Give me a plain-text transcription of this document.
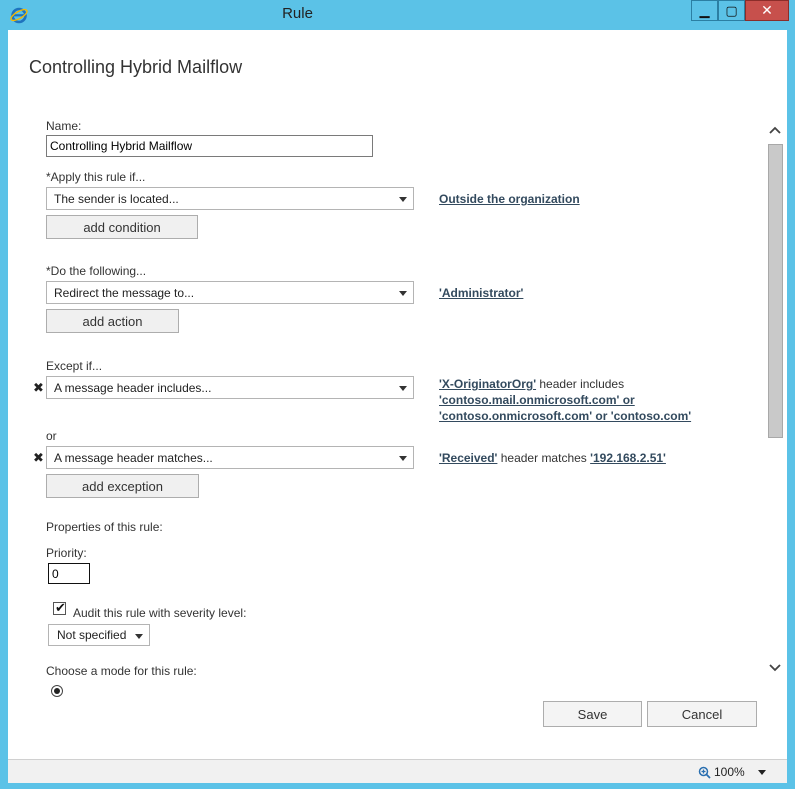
Rule	▁ ▢ ✕
Controlling Hybrid Mailflow
Name:
Controlling Hybrid Mailflow
*Apply this rule if...
The sender is located...	Outside the organization
add condition
*Do the following...
Redirect the message to...	'Administrator'
add action
Except if...
✖ A message header includes...	'X-OriginatorOrg' header includes
'contoso.mail.onmicrosoft.com' or
'contoso.onmicrosoft.com' or 'contoso.com'
or
✖ A message header matches...	'Received' header matches '192.168.2.51'
add exception
Properties of this rule:
Priority:
0
✔ Audit this rule with severity level:
Not specified
Choose a mode for this rule:
Save	Cancel
100%
